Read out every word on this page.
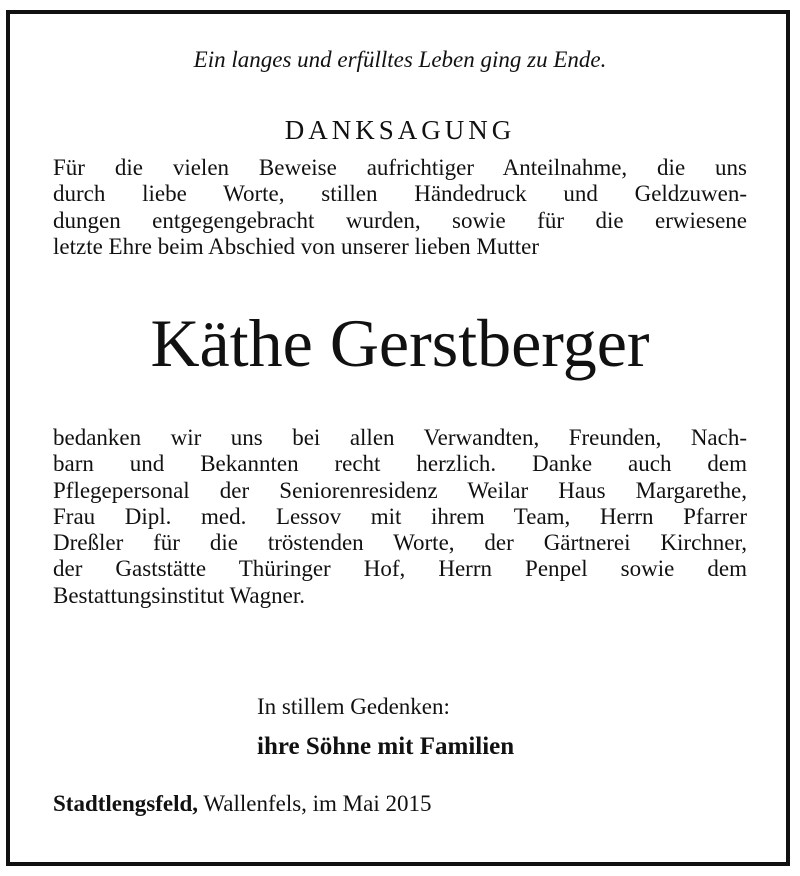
Ein langes und erfülltes Leben ging zu Ende.
DANKSAGUNG
Für die vielen Beweise aufrichtiger Anteilnahme, die uns
durch liebe Worte, stillen Händedruck und Geldzuwen-
dungen entgegengebracht wurden, sowie für die erwiesene
letzte Ehre beim Abschied von unserer lieben Mutter
Käthe Gerstberger
bedanken wir uns bei allen Verwandten, Freunden, Nach-
barn und Bekannten recht herzlich. Danke auch dem
Pflegepersonal der Seniorenresidenz Weilar Haus Margarethe,
Frau Dipl. med. Lessov mit ihrem Team, Herrn Pfarrer
Dreßler für die tröstenden Worte, der Gärtnerei Kirchner,
der Gaststätte Thüringer Hof, Herrn Penpel sowie dem
Bestattungsinstitut Wagner.
In stillem Gedenken:
ihre Söhne mit Familien
Stadtlengsfeld, Wallenfels, im Mai 2015
